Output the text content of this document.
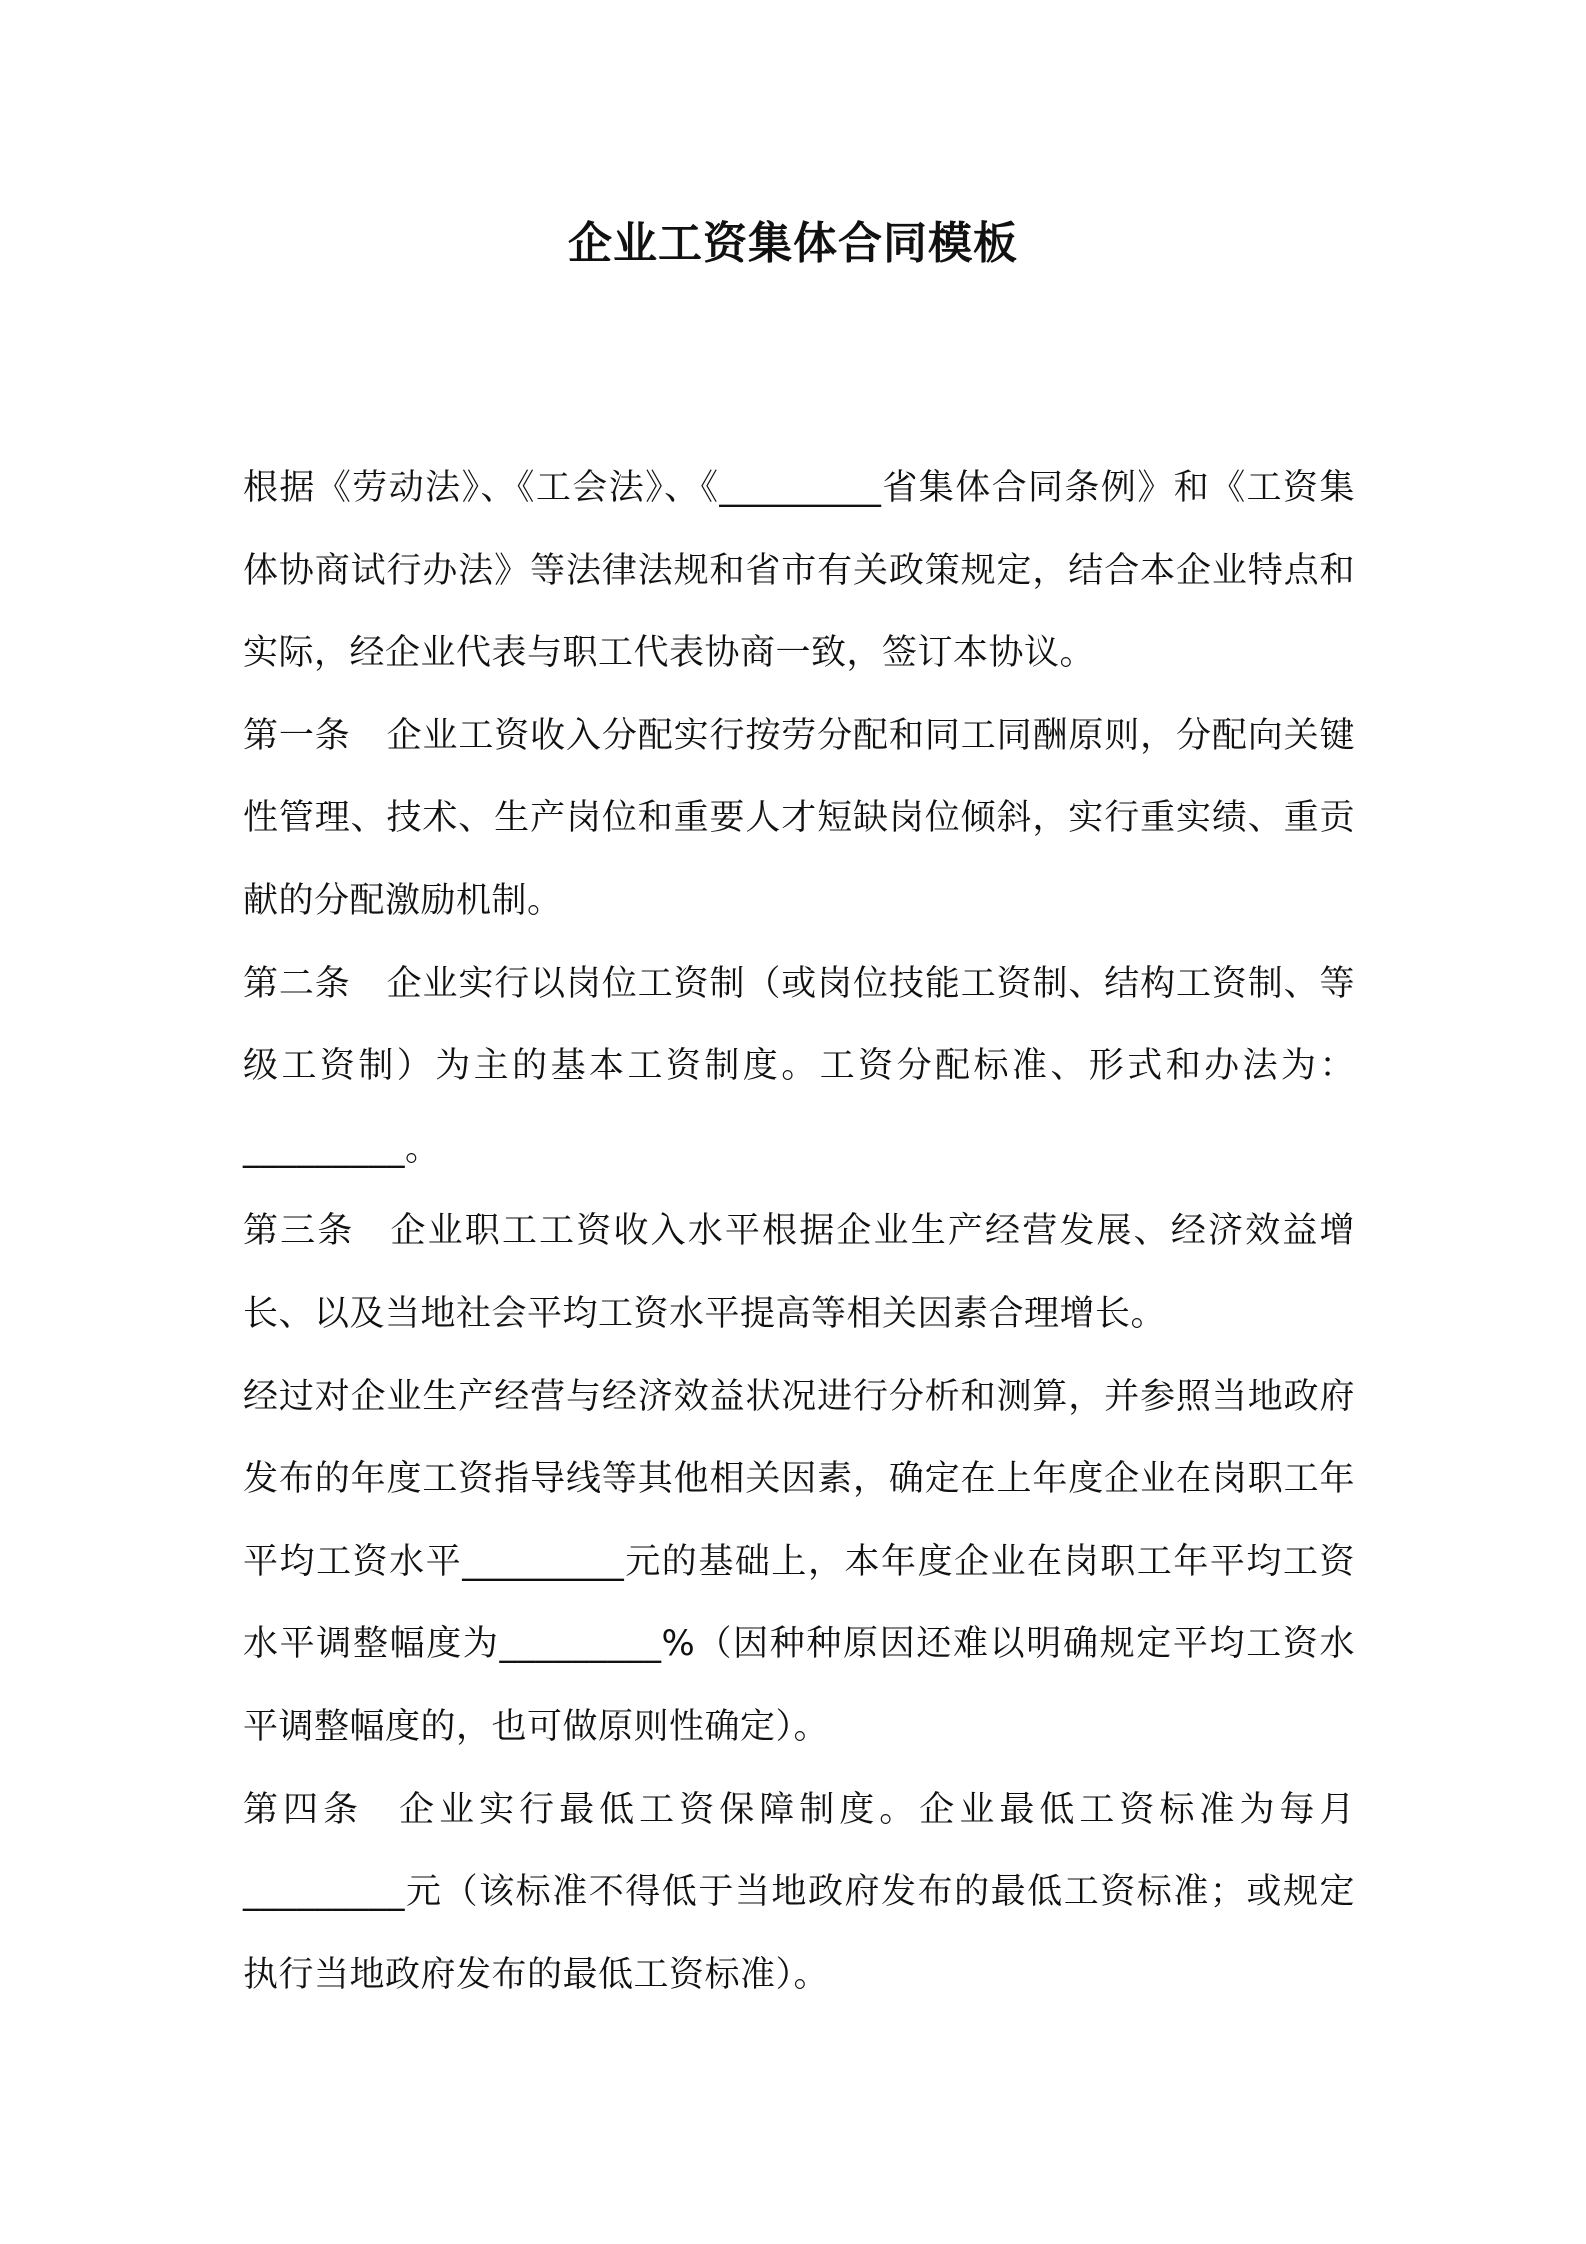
企业工资集体合同模板

根据《劳动法》、《工会法》、《_________省集体合同条例》和《工资集体协商试行办法》等法律法规和省市有关政策规定，结合本企业特点和实际，经企业代表与职工代表协商一致，签订本协议。

第一条 企业工资收入分配实行按劳分配和同工同酬原则，分配向关键性管理、技术、生产岗位和重要人才短缺岗位倾斜，实行重实绩、重贡献的分配激励机制。

第二条 企业实行以岗位工资制（或岗位技能工资制、结构工资制、等级工资制）为主的基本工资制度。工资分配标准、形式和办法为：_________。

第三条 企业职工工资收入水平根据企业生产经营发展、经济效益增长、以及当地社会平均工资水平提高等相关因素合理增长。

经过对企业生产经营与经济效益状况进行分析和测算，并参照当地政府发布的年度工资指导线等其他相关因素，确定在上年度企业在岗职工年平均工资水平_________元的基础上，本年度企业在岗职工年平均工资水平调整幅度为_________%（因种种原因还难以明确规定平均工资水平调整幅度的，也可做原则性确定）。

第四条 企业实行最低工资保障制度。企业最低工资标准为每月_________元（该标准不得低于当地政府发布的最低工资标准；或规定执行当地政府发布的最低工资标准）。
